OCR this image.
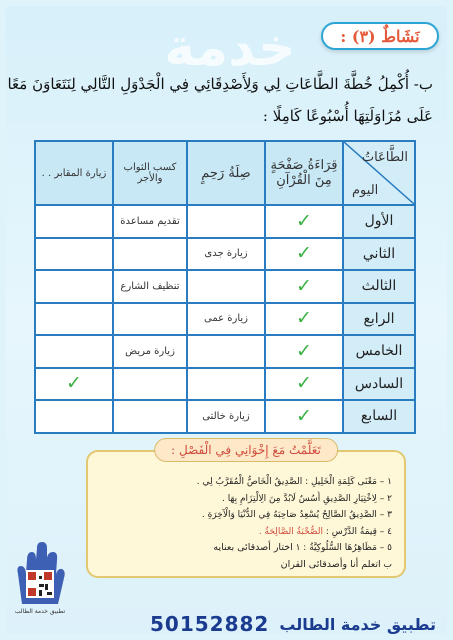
خدمة	نَشَاطٌ (٣) :

ب- أُكْمِلُ خُطَّةَ الطَّاعَاتِ لِي وَلِأَصْدِقَائِي فِي الْجَدْوَلِ التَّالِي لِنَتَعَاوَنَ مَعًا

عَلَى مُزَاوَلَتِهَا أُسْبُوعًا كَامِلًا :

الطَّاعَاتُ
اليوم	قِرَاءَةُ صَفْحَةٍ مِنَ الْقُرْآنِ	صِلَةُ رَحِمٍ	كسب الثواب والأجر	زيارة المقابر . .
الأول	✓		تقديم مساعدة	
الثاني	✓	زيارة جدى		
الثالث	✓		تنظيف الشارع	
الرابع	✓	زيارة عمى		
الخامس	✓		زيارة مريض	
السادس	✓			✓
السابع	✓	زيارة خالتى		
تَعَلَّمْتُ مَعَ إِخْوَانِي فِي الْفَصْلِ :
١ – مَعْنَى كَلِمَةِ الْخَلِيلِ : الصَّدِيقُ الْخَاصُّ الْمُقَرَّبُ لِي .
٢ – لِاخْتِيَارِ الصَّدِيقِ أُسُسٌ لَابُدَّ مِنَ الِالْتِزَامِ بِهَا .
٣ – الصَّدِيقُ الصَّالِحُ يُسْعِدُ صَاحِبَهُ فِي الدُّنْيَا وَالْآخِرَةِ .
٤ – قِيمَةُ الدَّرْسِ : الصُّحْبَةُ الصَّالِحَةُ .
٥ – مَظَاهِرُهَا السُّلُوكِيَّةُ : ١ اختار أصدقائى بعنايه
ب اتعلم أنا وأصدقائى القران
تطبيق خدمة الطالب
50152882 تطبيق خدمة الطالب
